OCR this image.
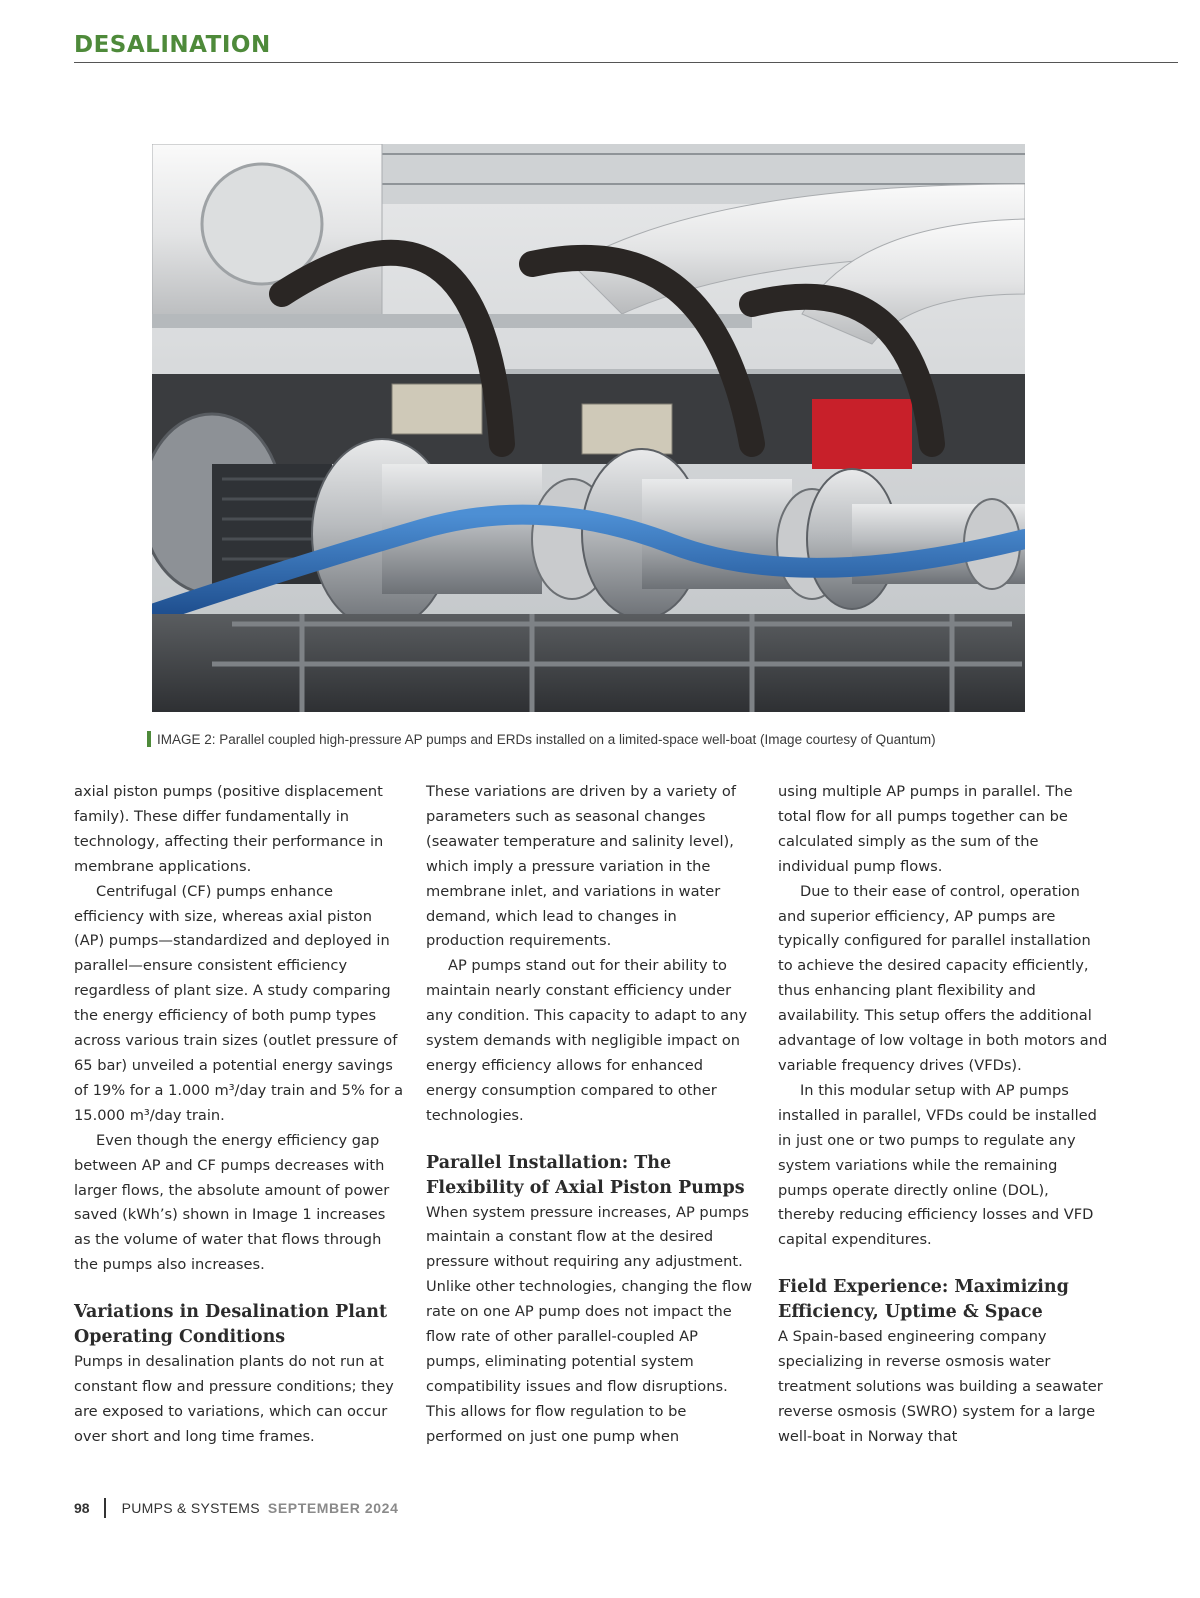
DESALINATION
IMAGE 2: Parallel coupled high-pressure AP pumps and ERDs installed on a limited-space well-boat (Image courtesy of Quantum)

axial piston pumps (positive displacement family). These differ fundamentally in technology, affecting their performance in membrane applications.

Centrifugal (CF) pumps enhance efficiency with size, whereas axial piston (AP) pumps—standardized and deployed in parallel—ensure consistent efficiency regardless of plant size. A study comparing the energy efficiency of both pump types across various train sizes (outlet pressure of 65 bar) unveiled a potential energy savings of 19% for a 1.000 m³/day train and 5% for a 15.000 m³/day train.

Even though the energy efficiency gap between AP and CF pumps decreases with larger flows, the absolute amount of power saved (kWh’s) shown in Image 1 increases as the volume of water that flows through the pumps also increases.

Variations in Desalination Plant Operating Conditions

Pumps in desalination plants do not run at constant flow and pressure conditions; they are exposed to variations, which can occur over short and long time frames.

These variations are driven by a variety of parameters such as seasonal changes (seawater temperature and salinity level), which imply a pressure variation in the membrane inlet, and variations in water demand, which lead to changes in production requirements.

AP pumps stand out for their ability to maintain nearly constant efficiency under any condition. This capacity to adapt to any system demands with negligible impact on energy efficiency allows for enhanced energy consumption compared to other technologies.

Parallel Installation: The Flexibility of Axial Piston Pumps

When system pressure increases, AP pumps maintain a constant flow at the desired pressure without requiring any adjustment. Unlike other technologies, changing the flow rate on one AP pump does not impact the flow rate of other parallel-coupled AP pumps, eliminating potential system compatibility issues and flow disruptions. This allows for flow regulation to be performed on just one pump when

using multiple AP pumps in parallel. The total flow for all pumps together can be calculated simply as the sum of the individual pump flows.

Due to their ease of control, operation and superior efficiency, AP pumps are typically configured for parallel installation to achieve the desired capacity efficiently, thus enhancing plant flexibility and availability. This setup offers the additional advantage of low voltage in both motors and variable frequency drives (VFDs).

In this modular setup with AP pumps installed in parallel, VFDs could be installed in just one or two pumps to regulate any system variations while the remaining pumps operate directly online (DOL), thereby reducing efficiency losses and VFD capital expenditures.

Field Experience: Maximizing Efficiency, Uptime & Space

A Spain-based engineering company specializing in reverse osmosis water treatment solutions was building a seawater reverse osmosis (SWRO) system for a large well-boat in Norway that

98 PUMPS & SYSTEMS SEPTEMBER 2024
